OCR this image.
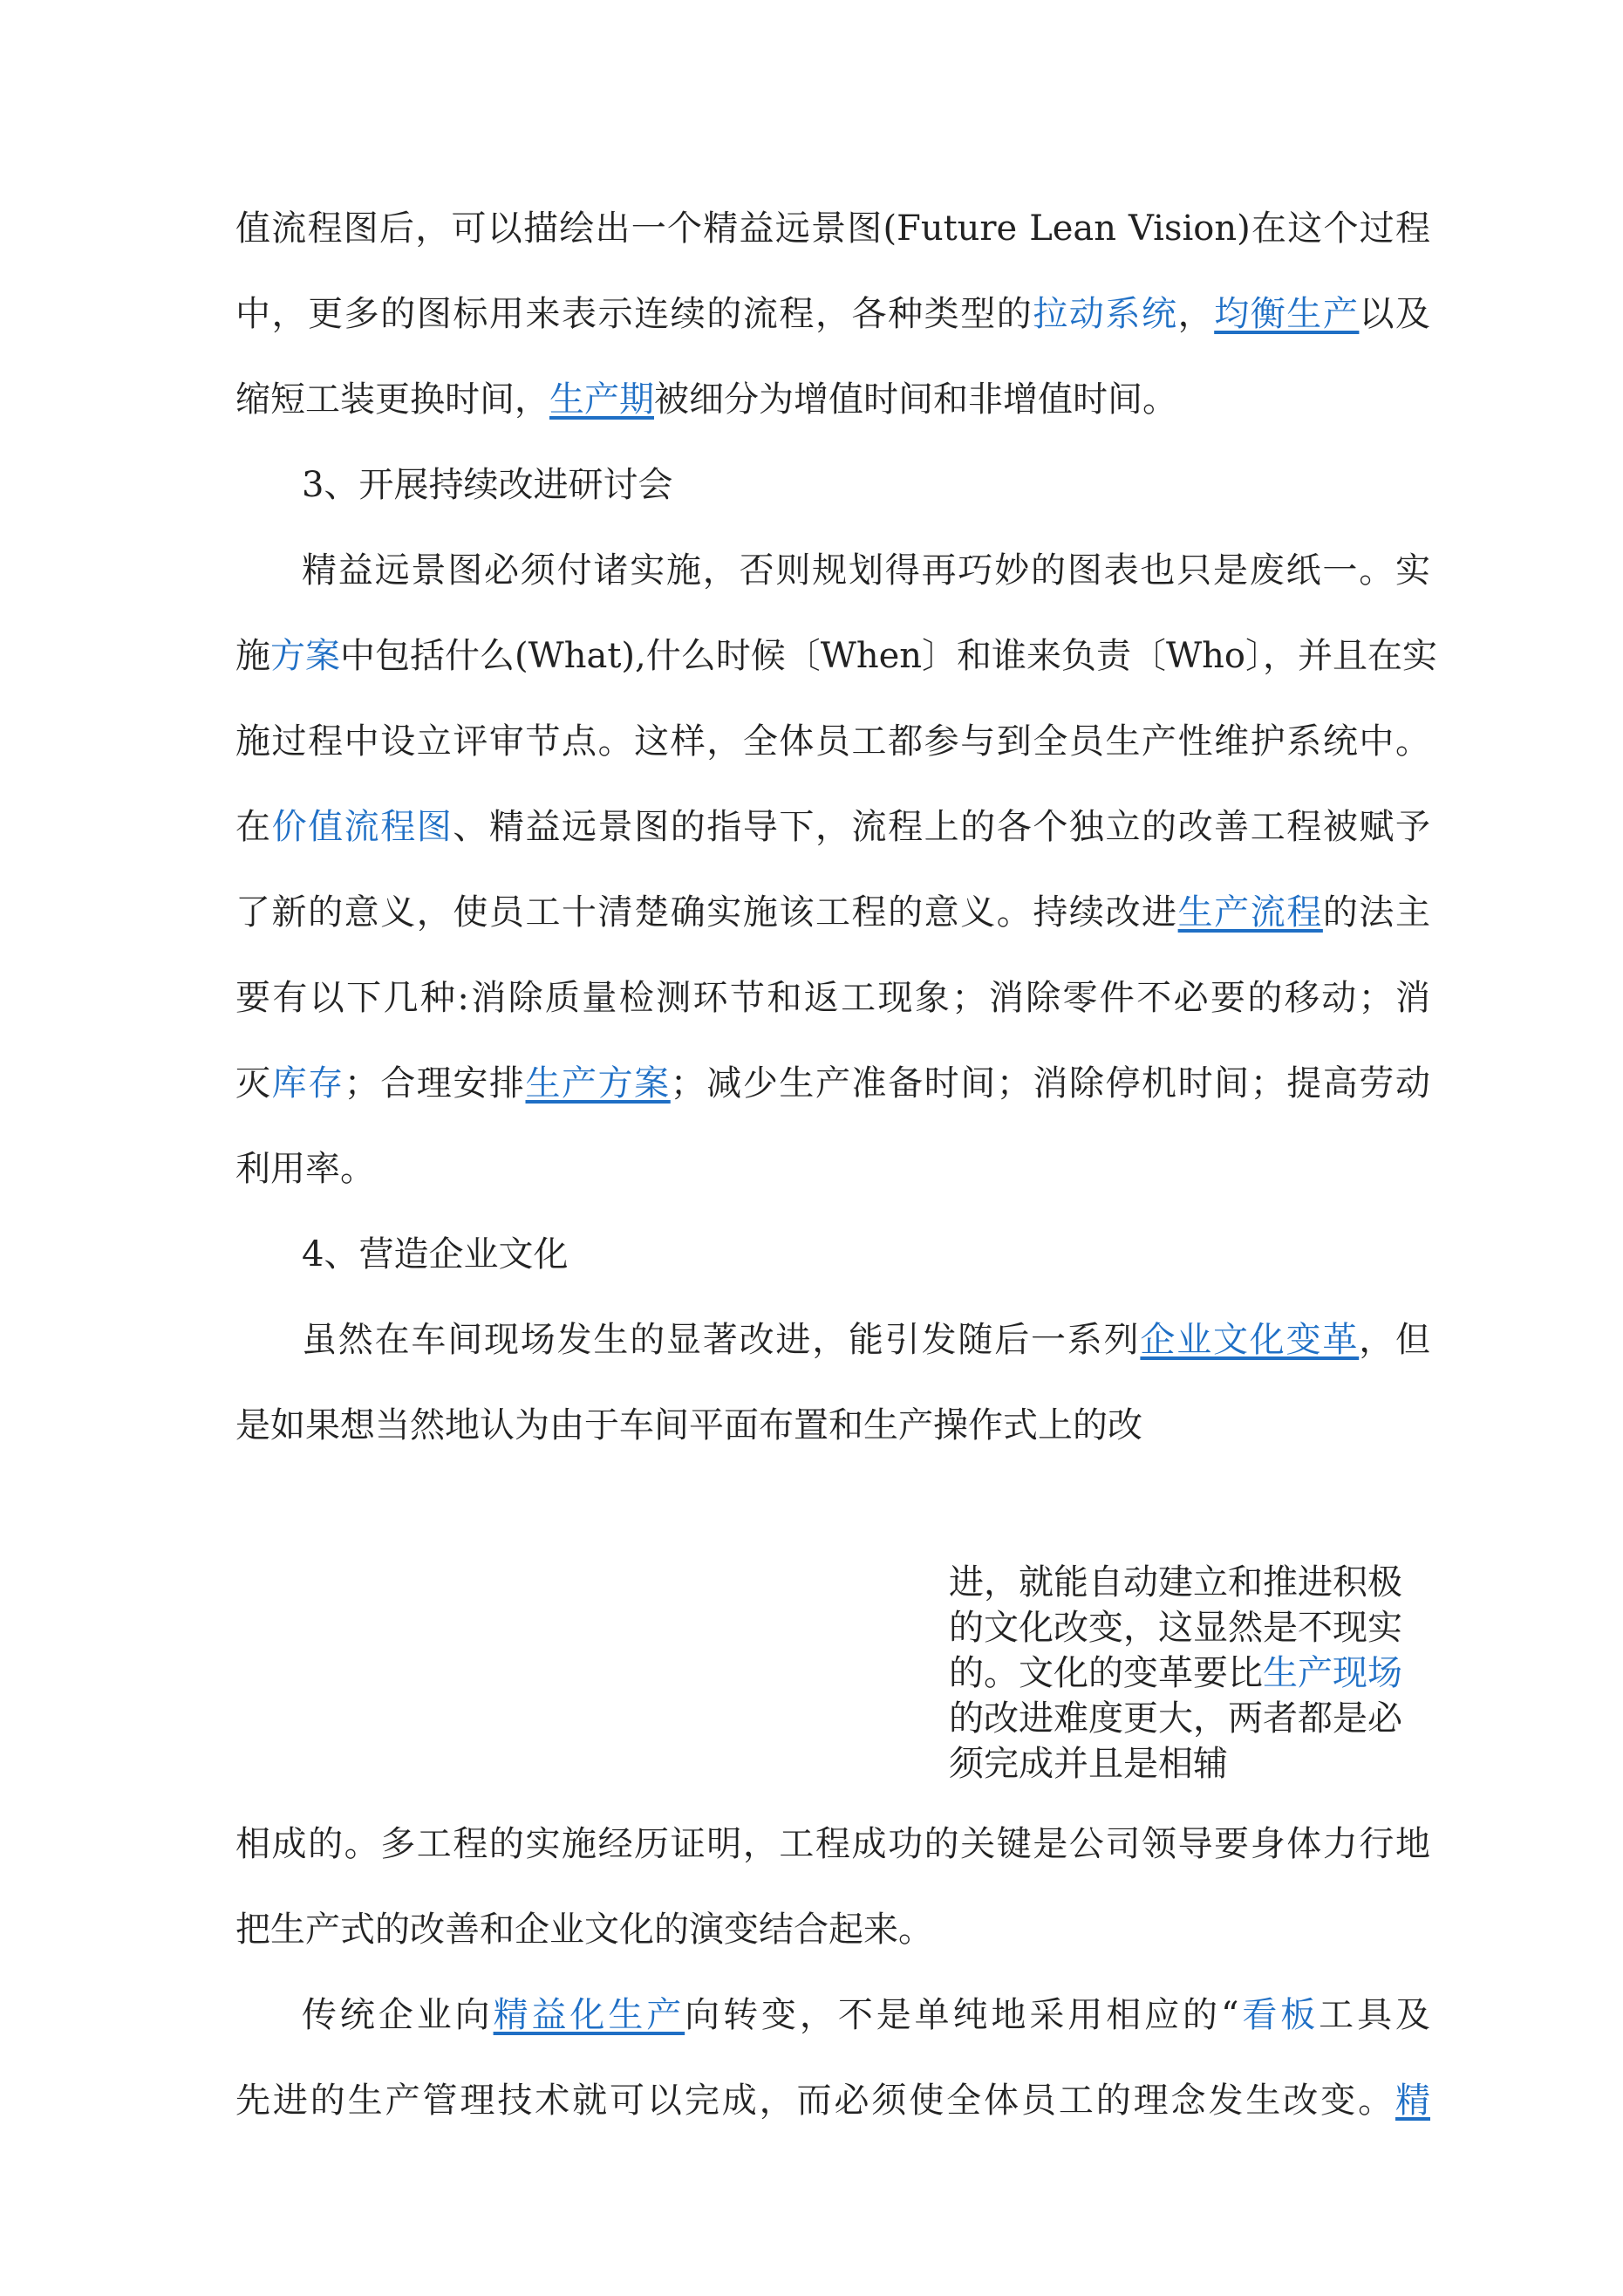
值流程图后，可以描绘出一个精益远景图(Future Lean Vision)在这个过程
中，更多的图标用来表示连续的流程，各种类型的拉动系统，均衡生产以及
缩短工装更换时间，生产期被细分为增值时间和非增值时间。
3、开展持续改进研讨会
精益远景图必须付诸实施，否则规划得再巧妙的图表也只是废纸一。实
施方案中包括什么(What),什么时候〔When〕和谁来负责〔Who〕，并且在实
施过程中设立评审节点。这样，全体员工都参与到全员生产性维护系统中。
在价值流程图、精益远景图的指导下，流程上的各个独立的改善工程被赋予
了新的意义，使员工十清楚确实施该工程的意义。持续改进生产流程的法主
要有以下几种:消除质量检测环节和返工现象；消除零件不必要的移动；消
灭库存；合理安排生产方案；减少生产准备时间；消除停机时间；提高劳动
利用率。
4、营造企业文化
虽然在车间现场发生的显著改进，能引发随后一系列企业文化变革，但
是如果想当然地认为由于车间平面布置和生产操作式上的改
进，就能自动建立和推进积极
的文化改变，这显然是不现实
的。文化的变革要比生产现场
的改进难度更大，两者都是必
须完成并且是相辅
相成的。多工程的实施经历证明，工程成功的关键是公司领导要身体力行地
把生产式的改善和企业文化的演变结合起来。
传统企业向精益化生产向转变，不是单纯地采用相应的“看板工具及
先进的生产管理技术就可以完成，而必须使全体员工的理念发生改变。精
